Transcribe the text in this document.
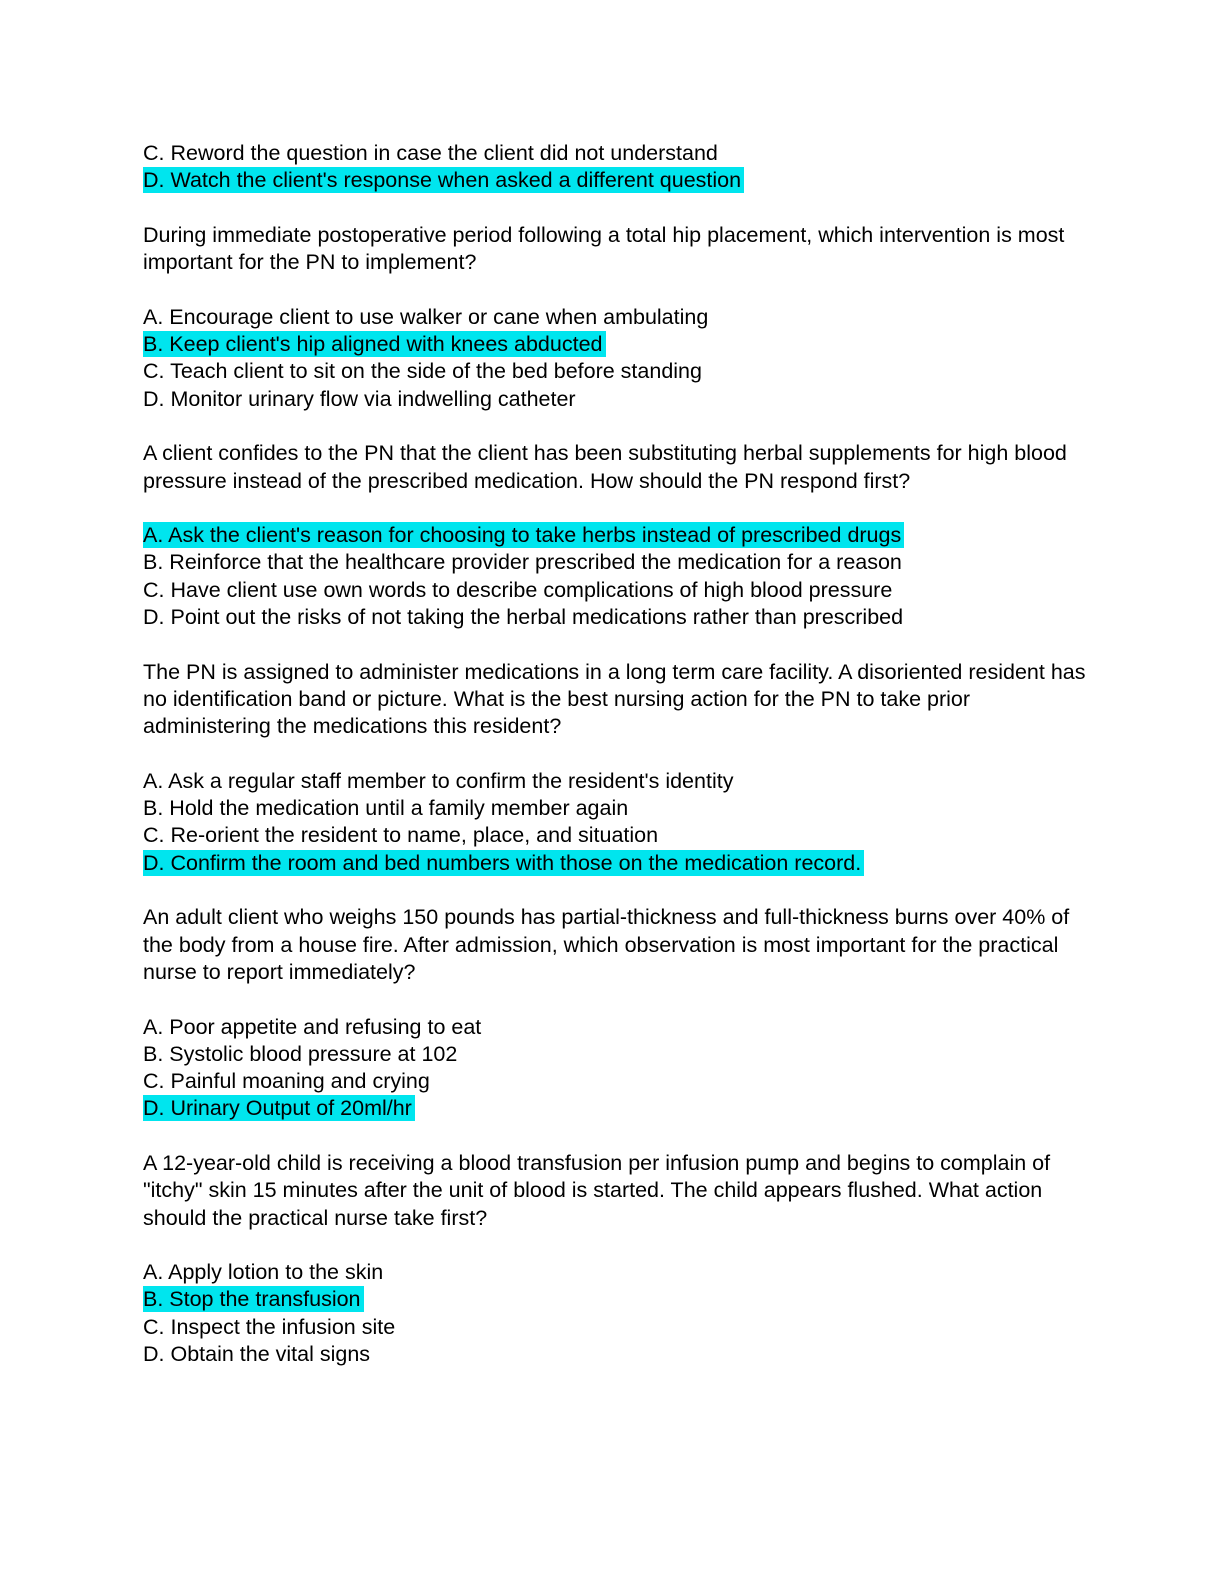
C. Reword the question in case the client did not understand
D. Watch the client's response when asked a different question
During immediate postoperative period following a total hip placement, which intervention is most important for the PN to implement?
A. Encourage client to use walker or cane when ambulating
B. Keep client's hip aligned with knees abducted
C. Teach client to sit on the side of the bed before standing
D. Monitor urinary flow via indwelling catheter
A client confides to the PN that the client has been substituting herbal supplements for high blood pressure instead of the prescribed medication. How should the PN respond first?
A. Ask the client's reason for choosing to take herbs instead of prescribed drugs
B. Reinforce that the healthcare provider prescribed the medication for a reason
C. Have client use own words to describe complications of high blood pressure
D. Point out the risks of not taking the herbal medications rather than prescribed
The PN is assigned to administer medications in a long term care facility. A disoriented resident has no identification band or picture. What is the best nursing action for the PN to take prior administering the medications this resident?
A. Ask a regular staff member to confirm the resident's identity
B. Hold the medication until a family member again
C. Re-orient the resident to name, place, and situation
D. Confirm the room and bed numbers with those on the medication record.
An adult client who weighs 150 pounds has partial-thickness and full-thickness burns over 40% of the body from a house fire. After admission, which observation is most important for the practical nurse to report immediately?
A. Poor appetite and refusing to eat
B. Systolic blood pressure at 102
C. Painful moaning and crying
D. Urinary Output of 20ml/hr
A 12-year-old child is receiving a blood transfusion per infusion pump and begins to complain of "itchy" skin 15 minutes after the unit of blood is started. The child appears flushed. What action should the practical nurse take first?
A. Apply lotion to the skin
B. Stop the transfusion
C. Inspect the infusion site
D. Obtain the vital signs
